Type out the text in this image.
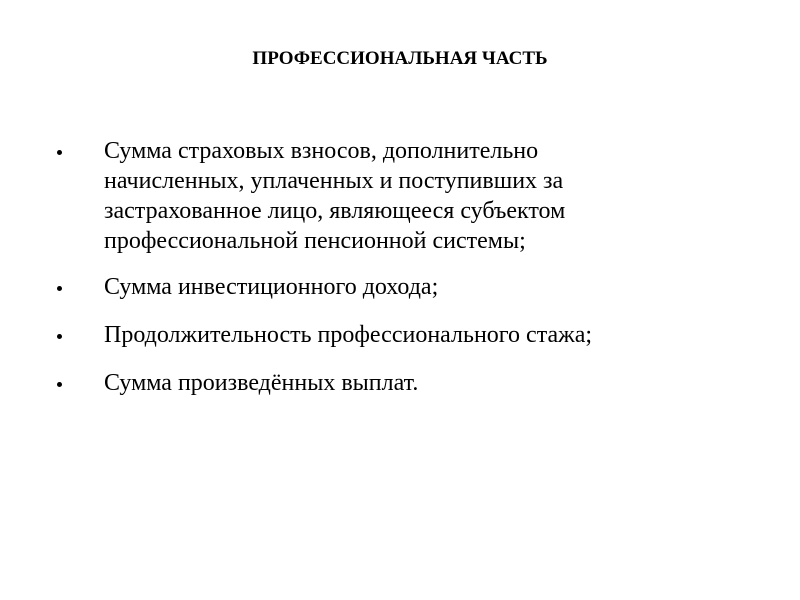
ПРОФЕССИОНАЛЬНАЯ ЧАСТЬ
Сумма страховых взносов, дополнительно начисленных, уплаченных и поступивших за застрахованное лицо, являющееся субъектом профессиональной пенсионной системы;
Сумма инвестиционного дохода;
Продолжительность профессионального стажа;
Сумма произведённых выплат.
